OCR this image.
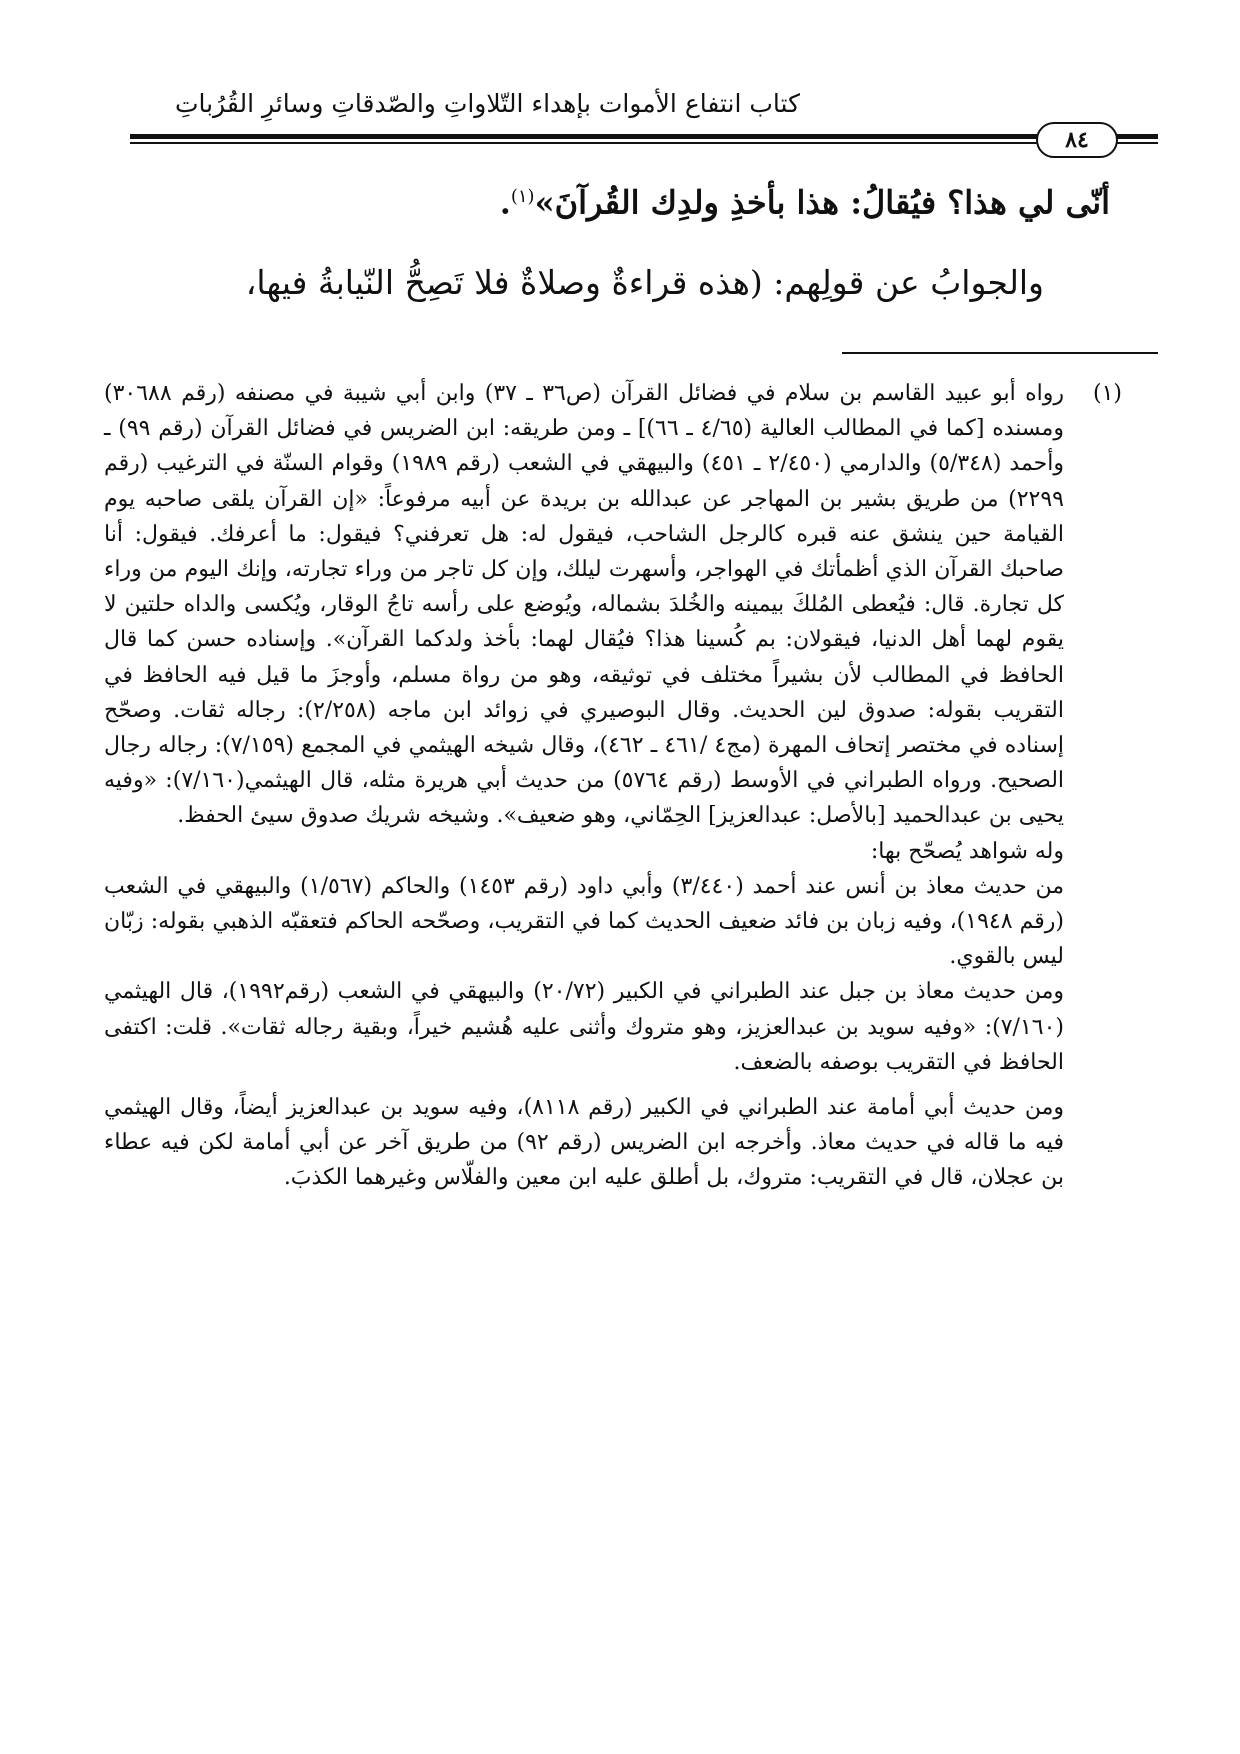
كتاب انتفاع الأموات بإهداء التّلاواتِ والصّدقاتِ وسائرِ القُرُباتِ
٨٤
أنّى لي هذا؟ فيُقالُ: هذا بأخذِ ولدِك القُرآنَ»$^{(١)}$.
والجوابُ عن قولِهم: (هذه قراءةٌ وصلاةٌ فلا تَصِحُّ النّيابةُ فيها،
(١)

رواه أبو عبيد القاسم بن سلام في فضائل القرآن (ص٣٦ ـ ٣٧) وابن أبي شيبة في مصنفه (رقم ٣٠٦٨٨) ومسنده [كما في المطالب العالية (٤/٦٥ ـ ٦٦)] ـ ومن طريقه: ابن الضريس في فضائل القرآن (رقم ٩٩) ـ وأحمد (٥/٣٤٨) والدارمي (٢/٤٥٠ ـ ٤٥١) والبيهقي في الشعب (رقم ١٩٨٩) وقوام السنّة في الترغيب (رقم ٢٢٩٩) من طريق بشير بن المهاجر عن عبدالله بن بريدة عن أبيه مرفوعاً: «إن القرآن يلقى صاحبه يوم القيامة حين ينشق عنه قبره كالرجل الشاحب، فيقول له: هل تعرفني؟ فيقول: ما أعرفك. فيقول: أنا صاحبك القرآن الذي أظمأتك في الهواجر، وأسهرت ليلك، وإن كل تاجر من وراء تجارته، وإنك اليوم من وراء كل تجارة. قال: فيُعطى المُلكَ بيمينه والخُلدَ بشماله، ويُوضع على رأسه تاجُ الوقار، ويُكسى والداه حلتين لا يقوم لهما أهل الدنيا، فيقولان: بم كُسينا هذا؟ فيُقال لهما: بأخذ ولدكما القرآن». وإسناده حسن كما قال الحافظ في المطالب لأن بشيراً مختلف في توثيقه، وهو من رواة مسلم، وأوجزَ ما قيل فيه الحافظ في التقريب بقوله: صدوق لين الحديث. وقال البوصيري في زوائد ابن ماجه (٢/٢٥٨): رجاله ثقات. وصحّح إسناده في مختصر إتحاف المهرة (مج٤ /٤٦١ ـ ٤٦٢)، وقال شيخه الهيثمي في المجمع (٧/١٥٩): رجاله رجال الصحيح. ورواه الطبراني في الأوسط (رقم ٥٧٦٤) من حديث أبي هريرة مثله، قال الهيثمي(٧/١٦٠): «وفيه يحيى بن عبدالحميد [بالأصل: عبدالعزيز] الحِمّاني، وهو ضعيف». وشيخه شريك صدوق سيئ الحفظ.

وله شواهد يُصحّح بها:

من حديث معاذ بن أنس عند أحمد (٣/٤٤٠) وأبي داود (رقم ١٤٥٣) والحاكم (١/٥٦٧) والبيهقي في الشعب (رقم ١٩٤٨)، وفيه زبان بن فائد ضعيف الحديث كما في التقريب، وصحّحه الحاكم فتعقبّه الذهبي بقوله: زبّان ليس بالقوي.

ومن حديث معاذ بن جبل عند الطبراني في الكبير (٢٠/٧٢) والبيهقي في الشعب (رقم١٩٩٢)، قال الهيثمي (٧/١٦٠): «وفيه سويد بن عبدالعزيز، وهو متروك وأثنى عليه هُشيم خيراً، وبقية رجاله ثقات». قلت: اكتفى الحافظ في التقريب بوصفه بالضعف.

ومن حديث أبي أمامة عند الطبراني في الكبير (رقم ٨١١٨)، وفيه سويد بن عبدالعزيز أيضاً، وقال الهيثمي فيه ما قاله في حديث معاذ. وأخرجه ابن الضريس (رقم ٩٢) من طريق آخر عن أبي أمامة لكن فيه عطاء بن عجلان، قال في التقريب: متروك، بل أطلق عليه ابن معين والفلّاس وغيرهما الكذبَ.
